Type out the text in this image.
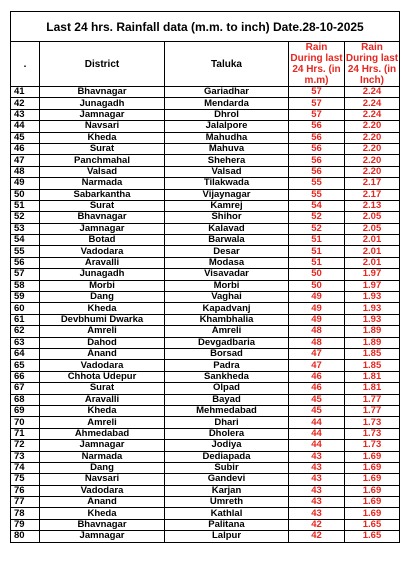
Last 24 hrs. Rainfall data (m.m. to inch) Date.28-10-2025				
.	District	Taluka	Rain During last 24 Hrs. (in m.m)	Rain During last 24 Hrs. (in Inch)
41	Bhavnagar	Gariadhar	57	2.24
42	Junagadh	Mendarda	57	2.24
43	Jamnagar	Dhrol	57	2.24
44	Navsari	Jalalpore	56	2.20
45	Kheda	Mahudha	56	2.20
46	Surat	Mahuva	56	2.20
47	Panchmahal	Shehera	56	2.20
48	Valsad	Valsad	56	2.20
49	Narmada	Tilakwada	55	2.17
50	Sabarkantha	Vijaynagar	55	2.17
51	Surat	Kamrej	54	2.13
52	Bhavnagar	Shihor	52	2.05
53	Jamnagar	Kalavad	52	2.05
54	Botad	Barwala	51	2.01
55	Vadodara	Desar	51	2.01
56	Aravalli	Modasa	51	2.01
57	Junagadh	Visavadar	50	1.97
58	Morbi	Morbi	50	1.97
59	Dang	Vaghai	49	1.93
60	Kheda	Kapadvanj	49	1.93
61	Devbhumi Dwarka	Khambhalia	49	1.93
62	Amreli	Amreli	48	1.89
63	Dahod	Devgadbaria	48	1.89
64	Anand	Borsad	47	1.85
65	Vadodara	Padra	47	1.85
66	Chhota Udepur	Sankheda	46	1.81
67	Surat	Olpad	46	1.81
68	Aravalli	Bayad	45	1.77
69	Kheda	Mehmedabad	45	1.77
70	Amreli	Dhari	44	1.73
71	Ahmedabad	Dholera	44	1.73
72	Jamnagar	Jodiya	44	1.73
73	Narmada	Dediapada	43	1.69
74	Dang	Subir	43	1.69
75	Navsari	Gandevi	43	1.69
76	Vadodara	Karjan	43	1.69
77	Anand	Umreth	43	1.69
78	Kheda	Kathlal	43	1.69
79	Bhavnagar	Palitana	42	1.65
80	Jamnagar	Lalpur	42	1.65
